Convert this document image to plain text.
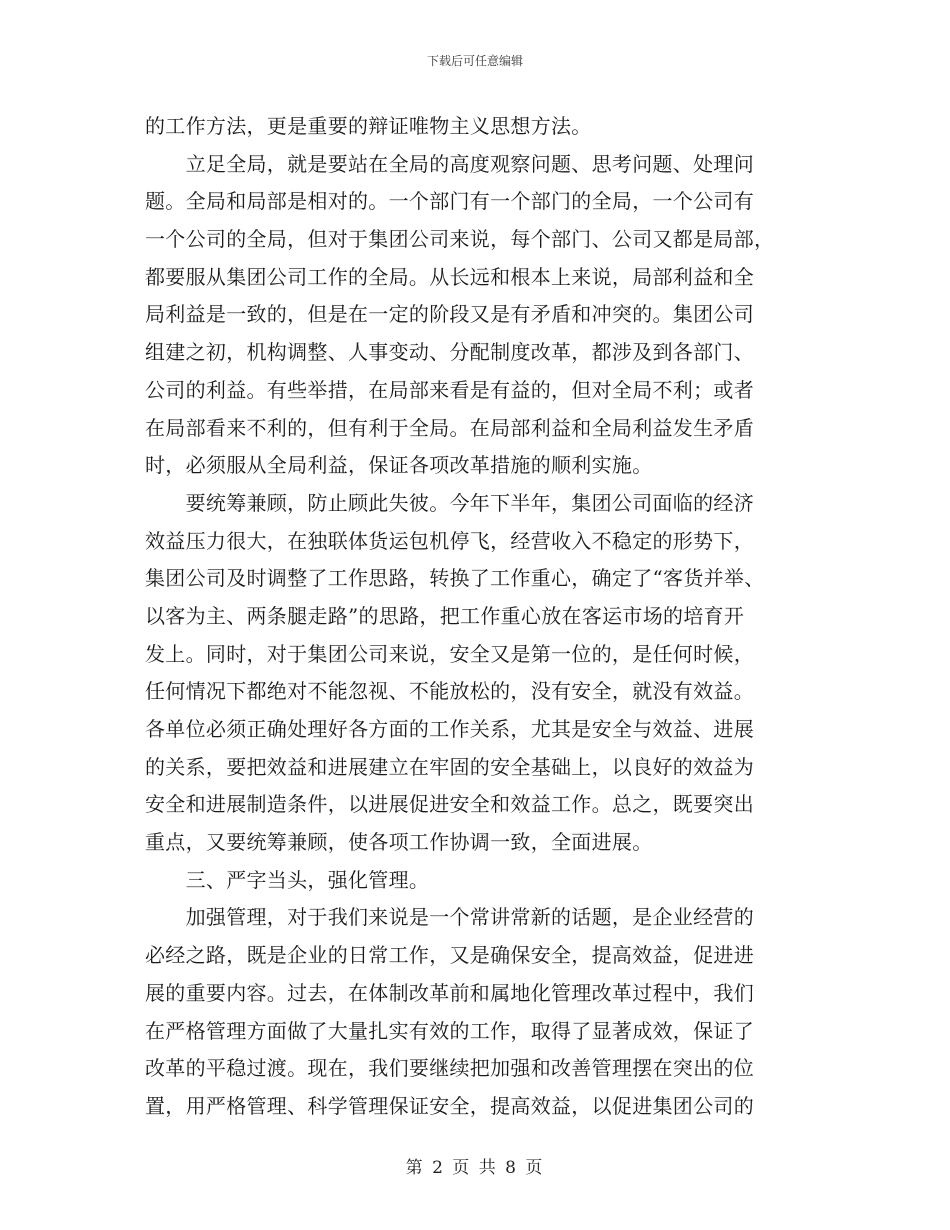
下载后可任意编辑
的工作方法，更是重要的辩证唯物主义思想方法。
　　立足全局，就是要站在全局的高度观察问题、思考问题、处理问
题。全局和局部是相对的。一个部门有一个部门的全局，一个公司有
一个公司的全局，但对于集团公司来说，每个部门、公司又都是局部，
都要服从集团公司工作的全局。从长远和根本上来说，局部利益和全
局利益是一致的，但是在一定的阶段又是有矛盾和冲突的。集团公司
组建之初，机构调整、人事变动、分配制度改革，都涉及到各部门、
公司的利益。有些举措，在局部来看是有益的，但对全局不利；或者
在局部看来不利的，但有利于全局。在局部利益和全局利益发生矛盾
时，必须服从全局利益，保证各项改革措施的顺利实施。
　　要统筹兼顾，防止顾此失彼。今年下半年，集团公司面临的经济
效益压力很大，在独联体货运包机停飞，经营收入不稳定的形势下，
集团公司及时调整了工作思路，转换了工作重心，确定了“客货并举、
以客为主、两条腿走路”的思路，把工作重心放在客运市场的培育开
发上。同时，对于集团公司来说，安全又是第一位的，是任何时候，
任何情况下都绝对不能忽视、不能放松的，没有安全，就没有效益。
各单位必须正确处理好各方面的工作关系，尤其是安全与效益、进展
的关系，要把效益和进展建立在牢固的安全基础上，以良好的效益为
安全和进展制造条件，以进展促进安全和效益工作。总之，既要突出
重点，又要统筹兼顾，使各项工作协调一致，全面进展。
　　三、严字当头，强化管理。
　　加强管理，对于我们来说是一个常讲常新的话题，是企业经营的
必经之路，既是企业的日常工作，又是确保安全，提高效益，促进进
展的重要内容。过去，在体制改革前和属地化管理改革过程中，我们
在严格管理方面做了大量扎实有效的工作，取得了显著成效，保证了
改革的平稳过渡。现在，我们要继续把加强和改善管理摆在突出的位
置，用严格管理、科学管理保证安全，提高效益，以促进集团公司的
第 2 页 共 8 页
